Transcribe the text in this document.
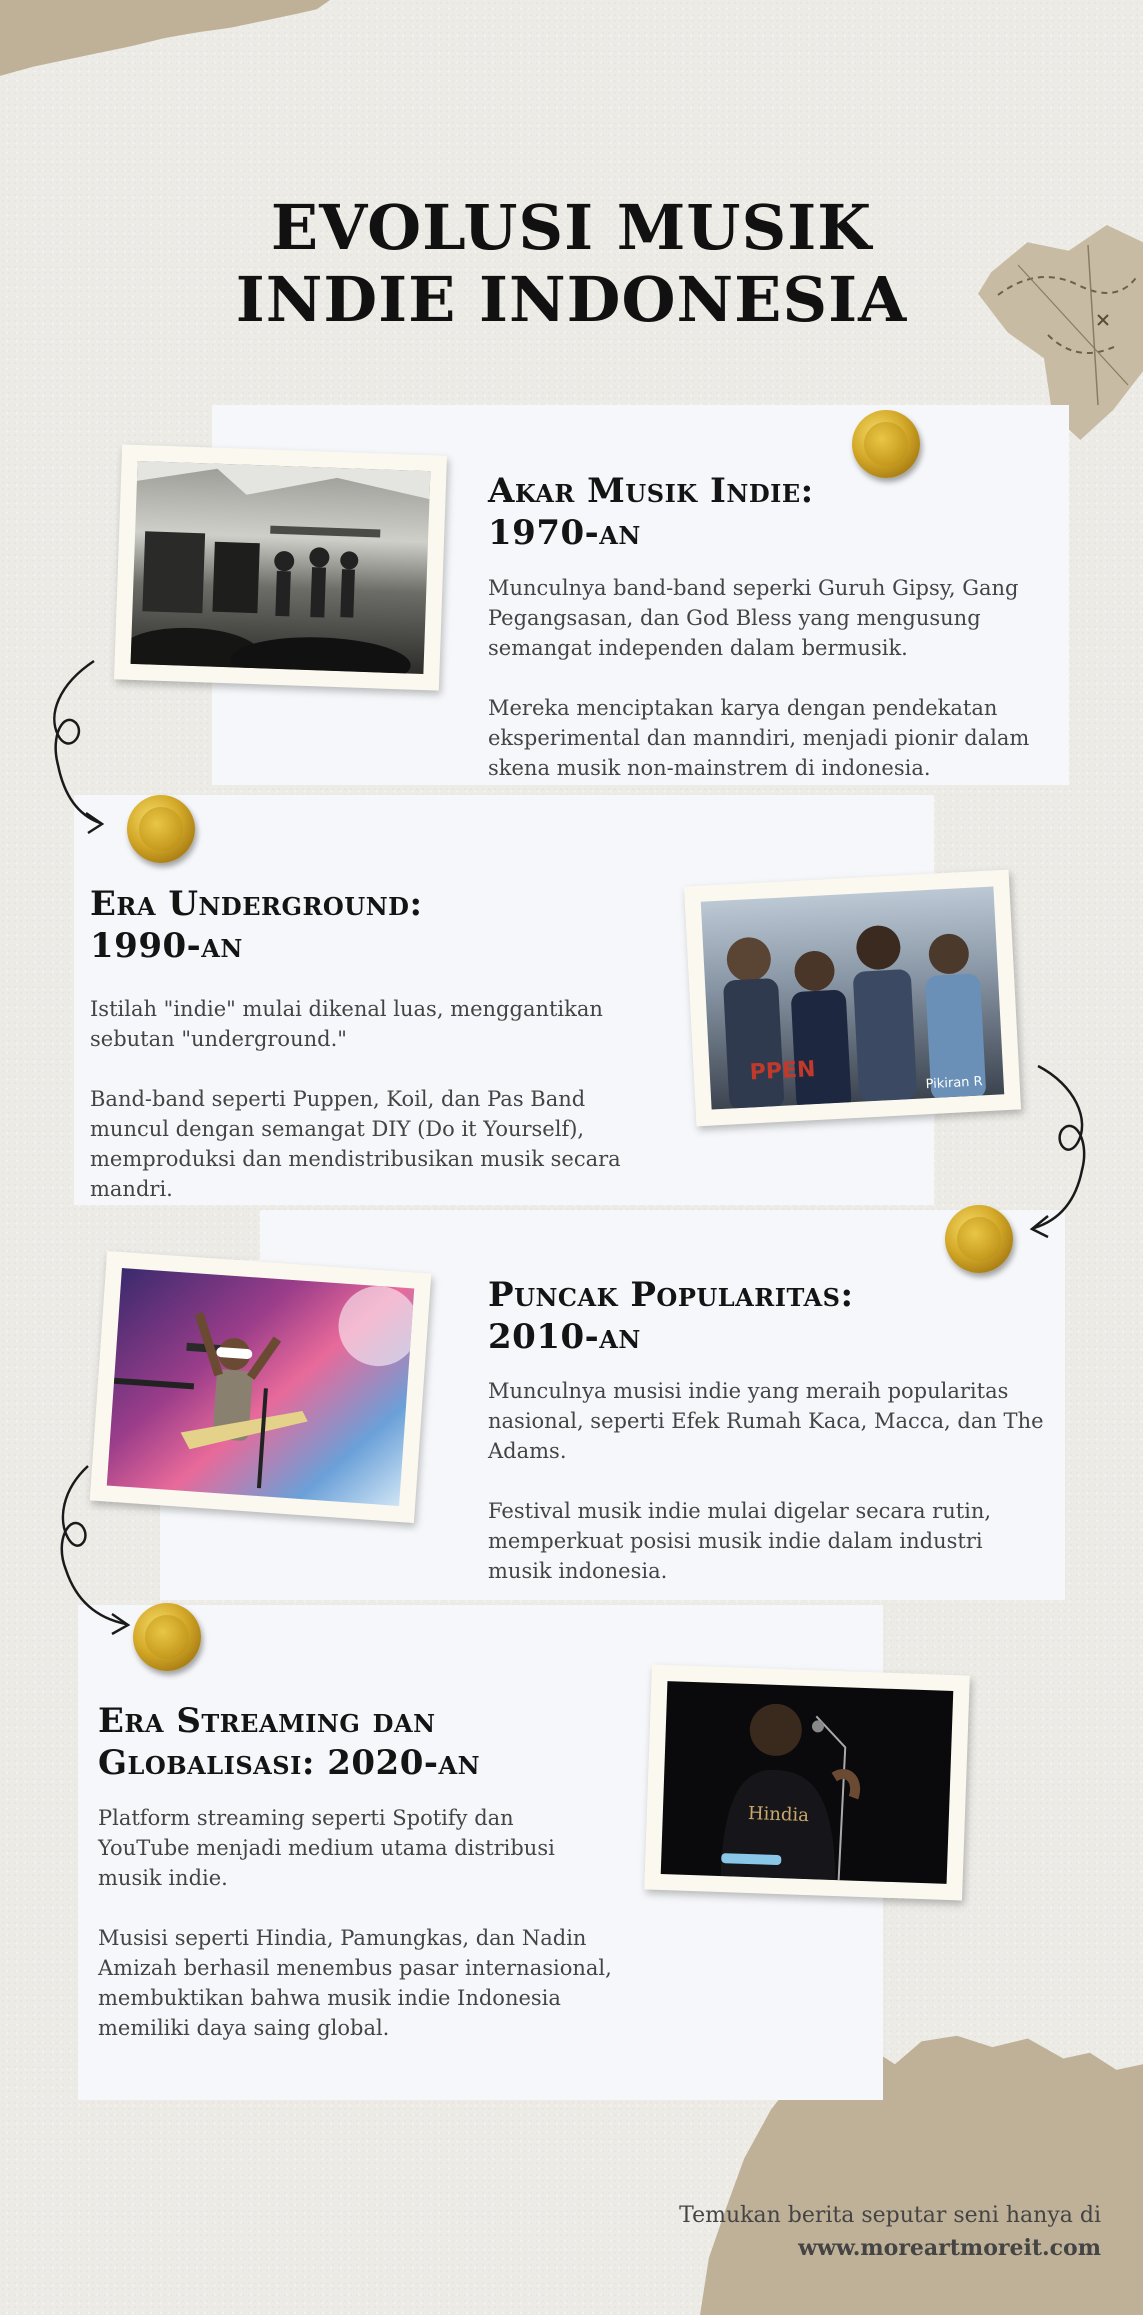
EVOLUSI MUSIK
INDIE INDONESIA
Akar Musik Indie:
1970-an

Munculnya band-band seperki Guruh Gipsy, Gang Pegangsasan, dan God Bless yang mengusung semangat independen dalam bermusik.

Mereka menciptakan karya dengan pendekatan eksperimental dan manndiri, menjadi pionir dalam skena musik non-mainstrem di indonesia.

Era Underground:
1990-an

Istilah "indie" mulai dikenal luas, menggantikan sebutan "underground."

Band-band seperti Puppen, Koil, dan Pas Band muncul dengan semangat DIY (Do it Yourself), memproduksi dan mendistribusikan musik secara mandri.

PPEN	Pikiran R
Puncak Popularitas:
2010-an

Munculnya musisi indie yang meraih popularitas nasional, seperti Efek Rumah Kaca, Macca, dan The Adams.

Festival musik indie mulai digelar secara rutin, memperkuat posisi musik indie dalam industri musik indonesia.

Era Streaming dan
Globalisasi: 2020-an

Platform streaming seperti Spotify dan YouTube menjadi medium utama distribusi musik indie.

Musisi seperti Hindia, Pamungkas, dan Nadin Amizah berhasil menembus pasar internasional, membuktikan bahwa musik indie Indonesia memiliki daya saing global.

Hindia
Temukan berita seputar seni hanya di
www.moreartmoreit.com
